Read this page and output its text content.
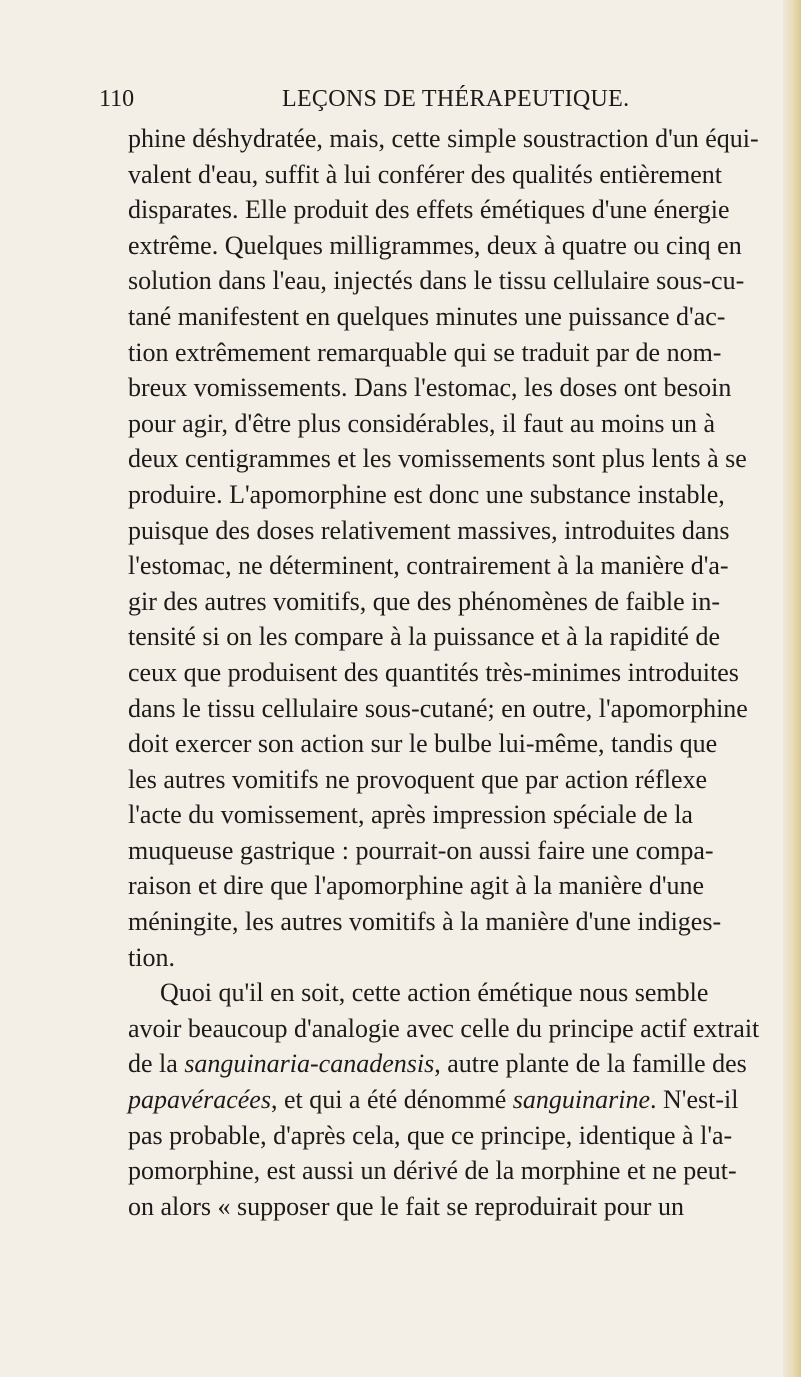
110	LEÇONS DE THÉRAPEUTIQUE.
phine déshydratée, mais, cette simple soustraction d'un équi-
valent d'eau, suffit à lui conférer des qualités entièrement
disparates. Elle produit des effets émétiques d'une énergie
extrême. Quelques milligrammes, deux à quatre ou cinq en
solution dans l'eau, injectés dans le tissu cellulaire sous-cu-
tané manifestent en quelques minutes une puissance d'ac-
tion extrêmement remarquable qui se traduit par de nom-
breux vomissements. Dans l'estomac, les doses ont besoin
pour agir, d'être plus considérables, il faut au moins un à
deux centigrammes et les vomissements sont plus lents à se
produire. L'apomorphine est donc une substance instable,
puisque des doses relativement massives, introduites dans
l'estomac, ne déterminent, contrairement à la manière d'a-
gir des autres vomitifs, que des phénomènes de faible in-
tensité si on les compare à la puissance et à la rapidité de
ceux que produisent des quantités très-minimes introduites
dans le tissu cellulaire sous-cutané; en outre, l'apomorphine
doit exercer son action sur le bulbe lui-même, tandis que
les autres vomitifs ne provoquent que par action réflexe
l'acte du vomissement, après impression spéciale de la
muqueuse gastrique : pourrait-on aussi faire une compa-
raison et dire que l'apomorphine agit à la manière d'une
méningite, les autres vomitifs à la manière d'une indiges-
tion.
Quoi qu'il en soit, cette action émétique nous semble
avoir beaucoup d'analogie avec celle du principe actif extrait
de la sanguinaria-canadensis, autre plante de la famille des
papavéracées, et qui a été dénommé sanguinarine. N'est-il
pas probable, d'après cela, que ce principe, identique à l'a-
pomorphine, est aussi un dérivé de la morphine et ne peut-
on alors « supposer que le fait se reproduirait pour un
